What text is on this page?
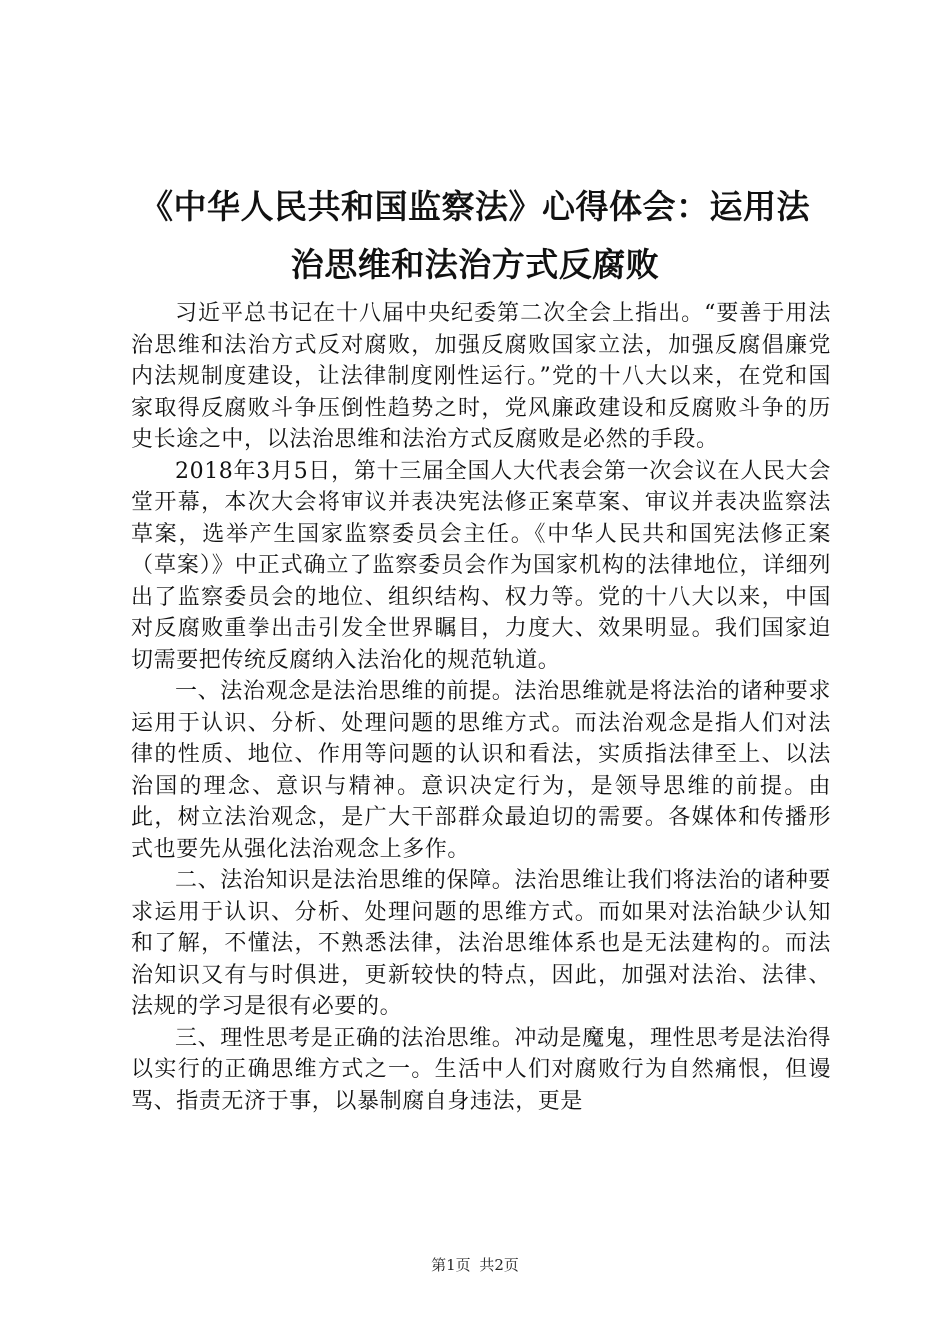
《中华人民共和国监察法》心得体会：运用法
治思维和法治方式反腐败

习近平总书记在十八届中央纪委第二次全会上指出。“要善于用法治思维和法治方式反对腐败，加强反腐败国家立法，加强反腐倡廉党内法规制度建设，让法律制度刚性运行。”党的十八大以来，在党和国家取得反腐败斗争压倒性趋势之时，党风廉政建设和反腐败斗争的历史长途之中，以法治思维和法治方式反腐败是必然的手段。

2018年3月5日，第十三届全国人大代表会第一次会议在人民大会堂开幕，本次大会将审议并表决宪法修正案草案、审议并表决监察法草案，选举产生国家监察委员会主任。《中华人民共和国宪法修正案（草案）》中正式确立了监察委员会作为国家机构的法律地位，详细列出了监察委员会的地位、组织结构、权力等。党的十八大以来，中国对反腐败重拳出击引发全世界瞩目，力度大、效果明显。我们国家迫切需要把传统反腐纳入法治化的规范轨道。

一、法治观念是法治思维的前提。法治思维就是将法治的诸种要求运用于认识、分析、处理问题的思维方式。而法治观念是指人们对法律的性质、地位、作用等问题的认识和看法，实质指法律至上、以法治国的理念、意识与精神。意识决定行为，是领导思维的前提。由此，树立法治观念，是广大干部群众最迫切的需要。各媒体和传播形式也要先从强化法治观念上多作。

二、法治知识是法治思维的保障。法治思维让我们将法治的诸种要求运用于认识、分析、处理问题的思维方式。而如果对法治缺少认知和了解，不懂法，不熟悉法律，法治思维体系也是无法建构的。而法治知识又有与时俱进，更新较快的特点，因此，加强对法治、法律、法规的学习是很有必要的。

三、理性思考是正确的法治思维。冲动是魔鬼，理性思考是法治得以实行的正确思维方式之一。生活中人们对腐败行为自然痛恨，但谩骂、指责无济于事，以暴制腐自身违法，更是

第1页 共2页
